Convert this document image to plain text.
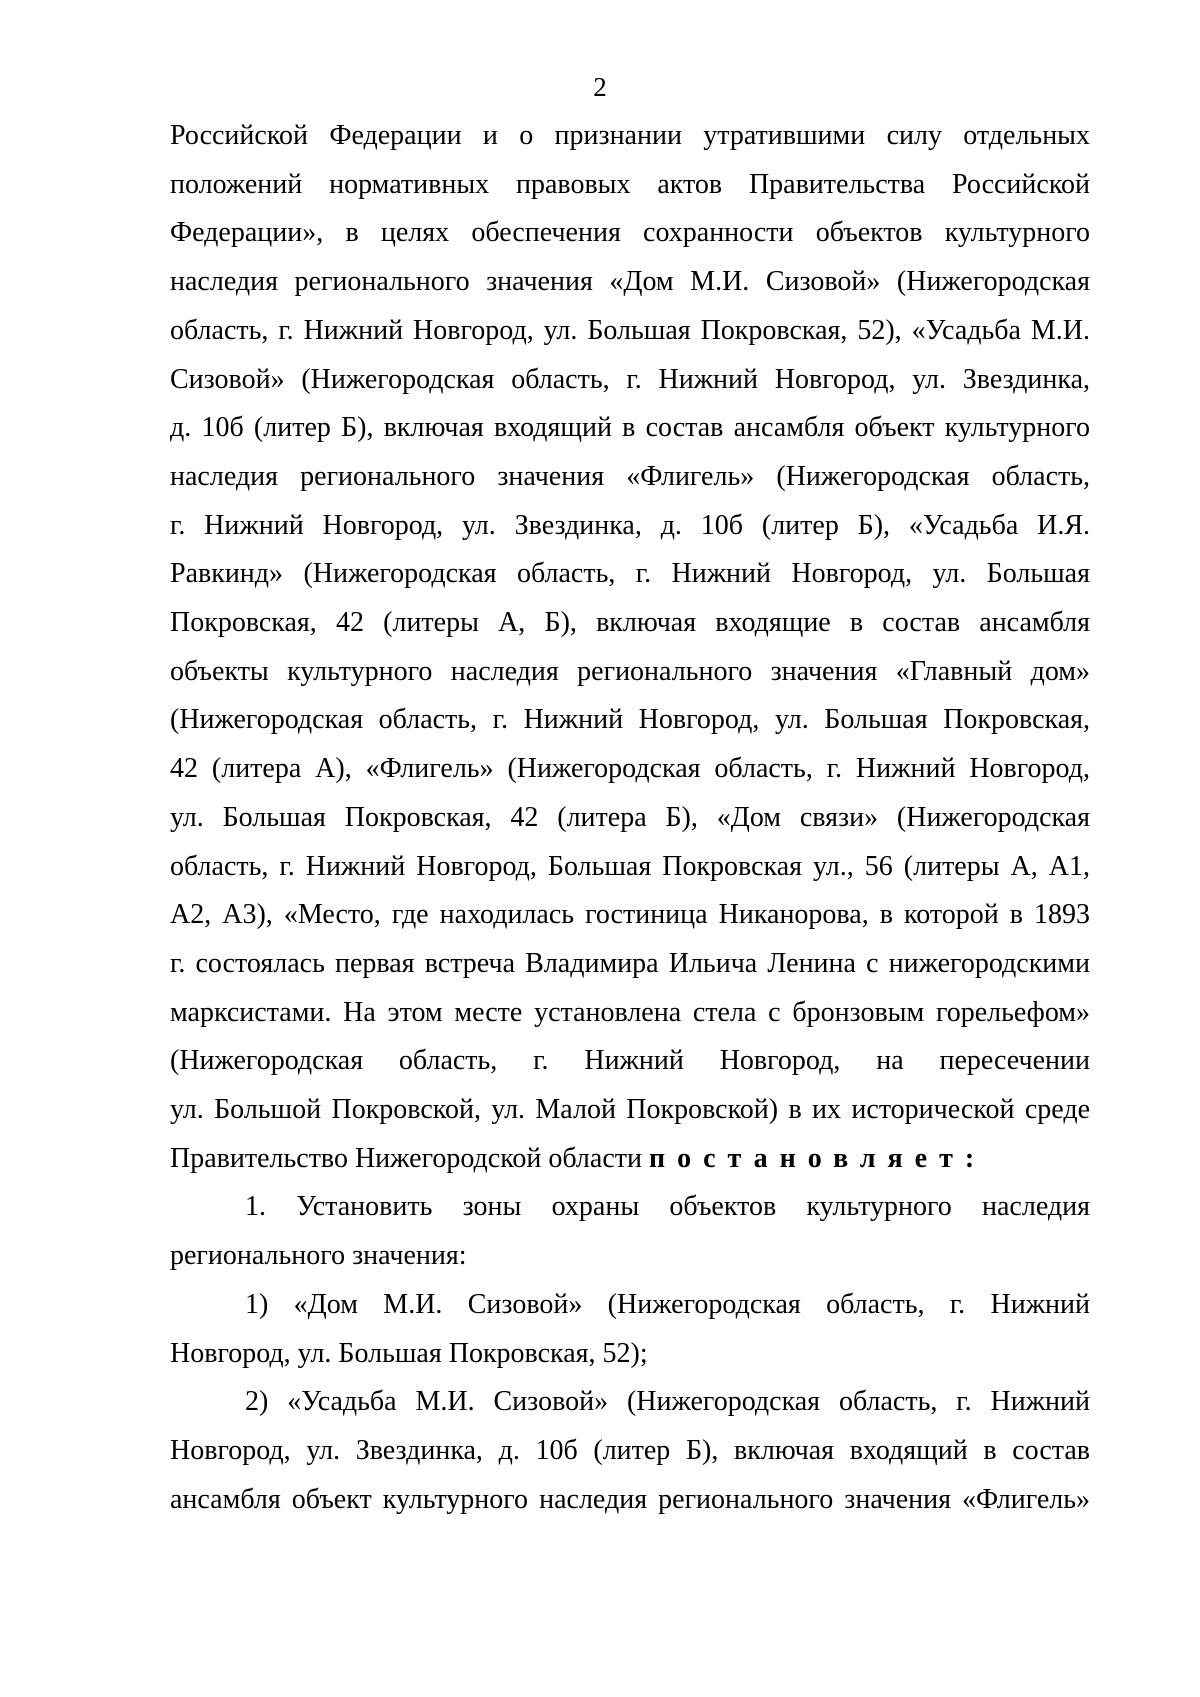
2

Российской Федерации и о признании утратившими силу отдельных

положений нормативных правовых актов Правительства Российской

Федерации», в целях обеспечения сохранности объектов культурного

наследия регионального значения «Дом М.И. Сизовой» (Нижегородская

область, г. Нижний Новгород, ул. Большая Покровская, 52), «Усадьба М.И.

Сизовой» (Нижегородская область, г. Нижний Новгород, ул. Звездинка,

д. 10б (литер Б), включая входящий в состав ансамбля объект культурного

наследия регионального значения «Флигель» (Нижегородская область,

г. Нижний Новгород, ул. Звездинка, д. 10б (литер Б), «Усадьба И.Я.

Равкинд» (Нижегородская область, г. Нижний Новгород, ул. Большая

Покровская, 42 (литеры А, Б), включая входящие в состав ансамбля

объекты культурного наследия регионального значения «Главный дом»

(Нижегородская область, г. Нижний Новгород, ул. Большая Покровская,

42 (литера А), «Флигель» (Нижегородская область, г. Нижний Новгород,

ул. Большая Покровская, 42 (литера Б), «Дом связи» (Нижегородская

область, г. Нижний Новгород, Большая Покровская ул., 56 (литеры А, А1,

А2, А3), «Место, где находилась гостиница Никанорова, в которой в 1893

г. состоялась первая встреча Владимира Ильича Ленина с нижегородскими

марксистами. На этом месте установлена стела с бронзовым горельефом»

(Нижегородская область, г. Нижний Новгород, на пересечении

ул. Большой Покровской, ул. Малой Покровской) в их исторической среде

Правительство Нижегородской области постановляет:

1. Установить зоны охраны объектов культурного наследия

регионального значения:

1) «Дом М.И. Сизовой» (Нижегородская область, г. Нижний

Новгород, ул. Большая Покровская, 52);

2) «Усадьба М.И. Сизовой» (Нижегородская область, г. Нижний

Новгород, ул. Звездинка, д. 10б (литер Б), включая входящий в состав

ансамбля объект культурного наследия регионального значения «Флигель»
